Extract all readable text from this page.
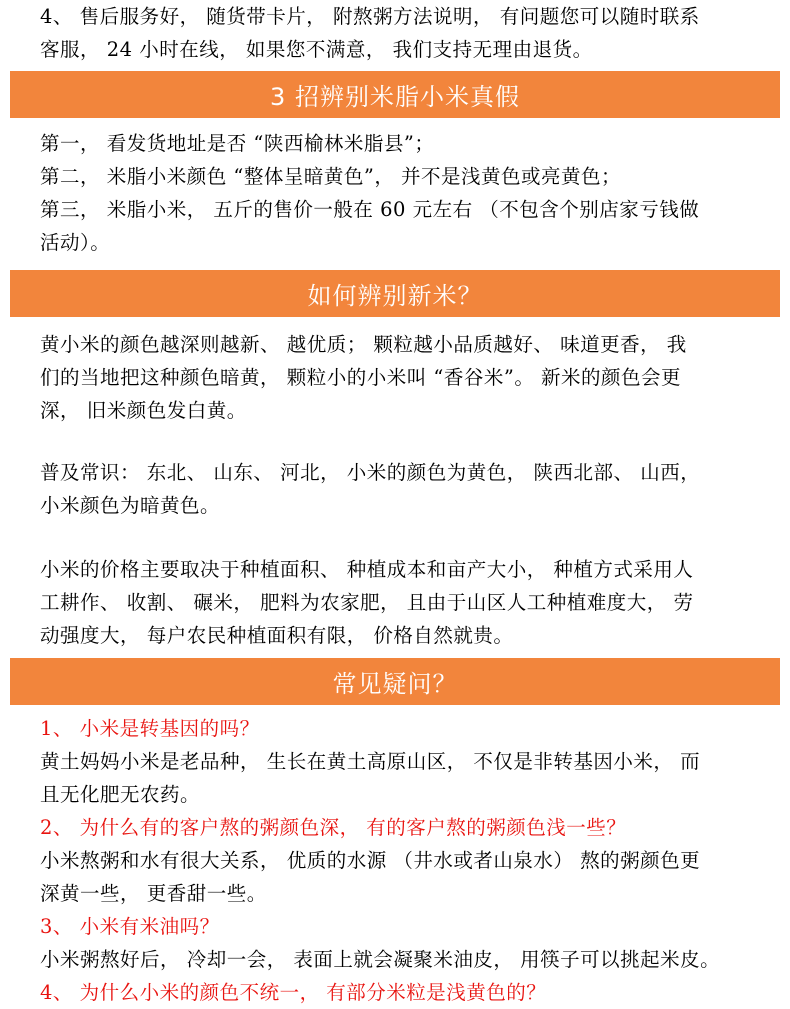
4、 售后服务好， 随货带卡片， 附熬粥方法说明， 有问题您可以随时联系
客服， 24 小时在线， 如果您不满意， 我们支持无理由退货。

3 招辨别米脂小米真假

第一， 看发货地址是否 “陕西榆林米脂县”；
第二， 米脂小米颜色 “整体呈暗黄色”， 并不是浅黄色或亮黄色；
第三， 米脂小米， 五斤的售价一般在 60 元左右 （不包含个别店家亏钱做
活动）。

如何辨别新米？

黄小米的颜色越深则越新、 越优质； 颗粒越小品质越好、 味道更香， 我
们的当地把这种颜色暗黄， 颗粒小的小米叫 “香谷米”。 新米的颜色会更
深， 旧米颜色发白黄。

普及常识： 东北、 山东、 河北， 小米的颜色为黄色， 陕西北部、 山西，
小米颜色为暗黄色。

小米的价格主要取决于种植面积、 种植成本和亩产大小， 种植方式采用人
工耕作、 收割、 碾米， 肥料为农家肥， 且由于山区人工种植难度大， 劳
动强度大， 每户农民种植面积有限， 价格自然就贵。

常见疑问？

1、 小米是转基因的吗？
黄土妈妈小米是老品种， 生长在黄土高原山区， 不仅是非转基因小米， 而
且无化肥无农药。
2、 为什么有的客户熬的粥颜色深， 有的客户熬的粥颜色浅一些？
小米熬粥和水有很大关系， 优质的水源 （井水或者山泉水） 熬的粥颜色更
深黄一些， 更香甜一些。
3、 小米有米油吗？
小米粥熬好后， 冷却一会， 表面上就会凝聚米油皮， 用筷子可以挑起米皮。
4、 为什么小米的颜色不统一， 有部分米粒是浅黄色的？
